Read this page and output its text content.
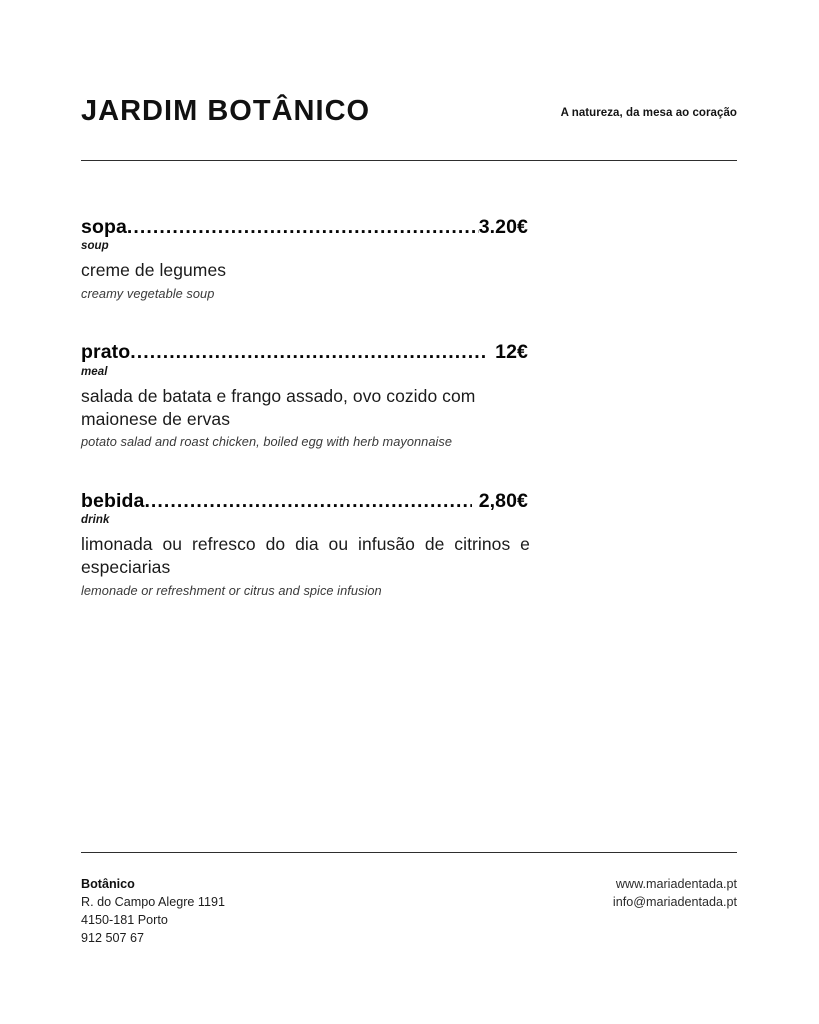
JARDIM BOTÂNICO	A natureza, da mesa ao coração
sopa .....	3.20€
soup
creme de legumes
creamy vegetable soup
prato .....	12€
meal
salada de batata e frango assado, ovo cozido com maionese de ervas
potato salad and roast chicken, boiled egg with herb mayonnaise
bebida .....	2,80€
drink
limonada ou refresco do dia ou infusão de citrinos e especiarias
lemonade or refreshment or citrus and spice infusion
Botânico
R. do Campo Alegre 1191
4150-181 Porto
912 507 67
www.mariadentada.pt
info@mariadentada.pt
